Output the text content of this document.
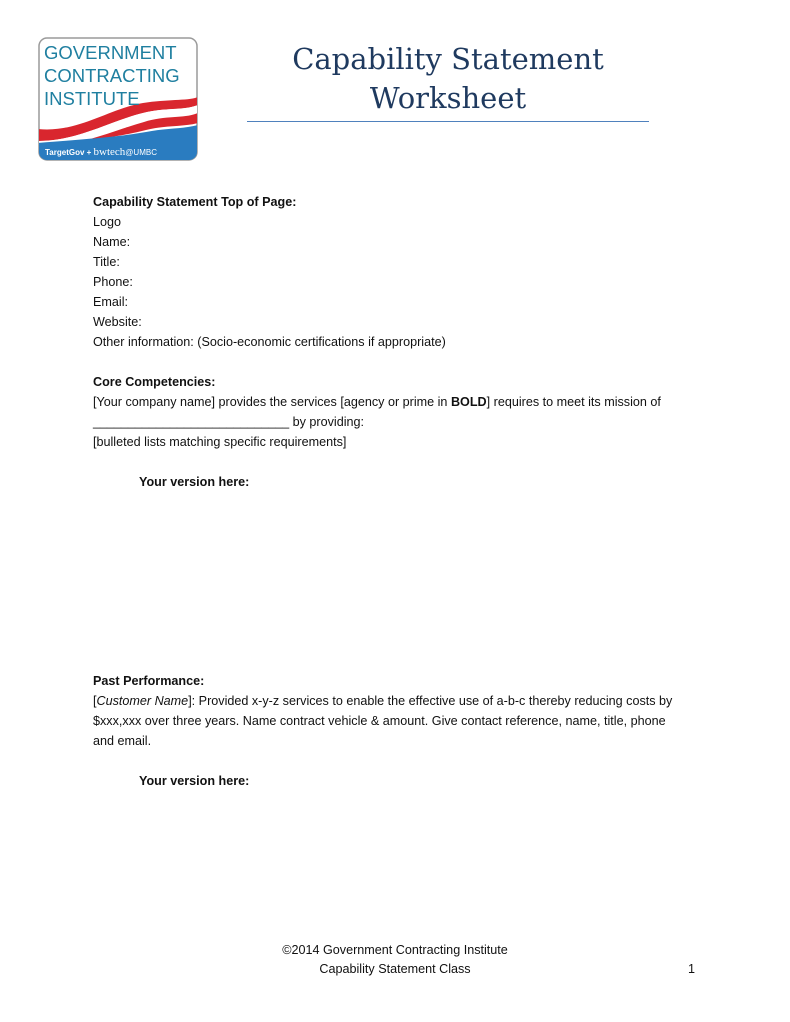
GOVERNMENT
CONTRACTING
INSTITUTE
TargetGov + bwtech@UMBC
Capability Statement
Worksheet
Capability Statement Top of Page:
Logo
Name:
Title:
Phone:
Email:
Website:
Other information: (Socio-economic certifications if appropriate)
Core Competencies:
[Your company name] provides the services [agency or prime in BOLD] requires to meet its mission of
____________________________ by providing:
[bulleted lists matching specific requirements]
Your version here:
Past Performance:
[Customer Name]: Provided x-y-z services to enable the effective use of a-b-c thereby reducing costs by
$xxx,xxx over three years. Name contract vehicle & amount. Give contact reference, name, title, phone
and email.
Your version here:
©2014 Government Contracting Institute
Capability Statement Class	1
